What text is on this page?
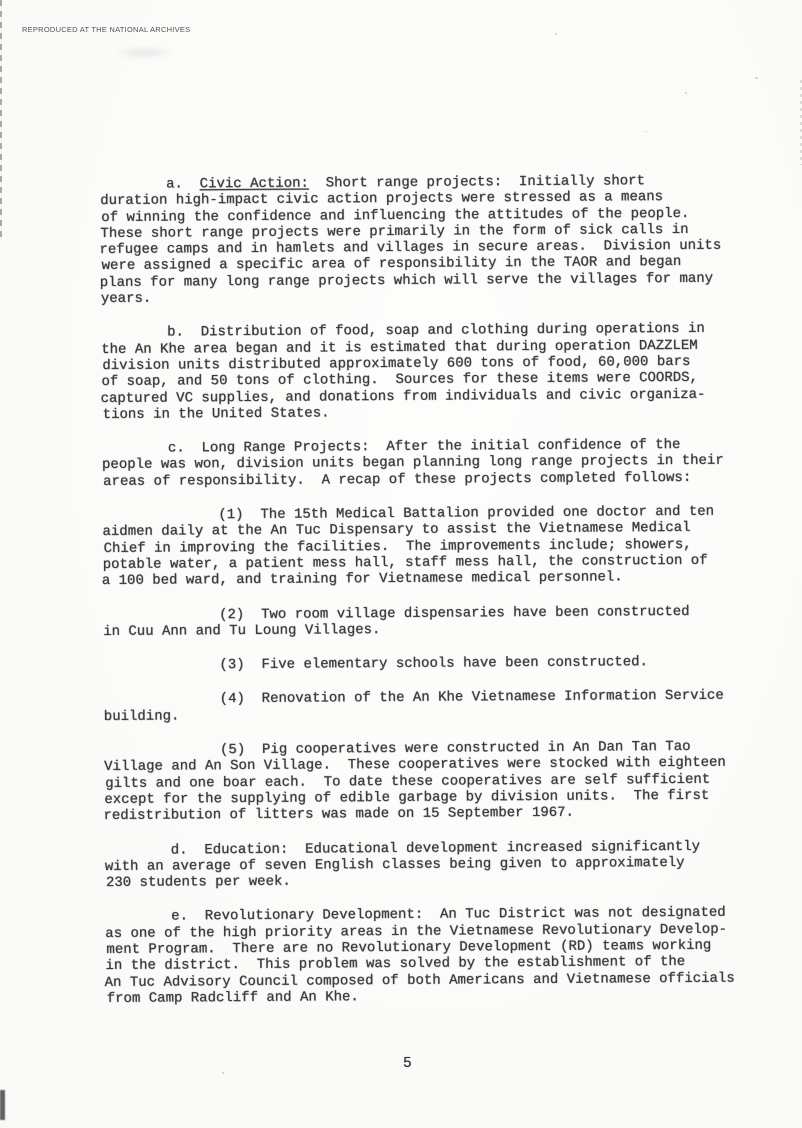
REPRODUCED AT THE NATIONAL ARCHIVES
a.  Civic Action:  Short range projects:  Initially short
duration high-impact civic action projects were stressed as a means
of winning the confidence and influencing the attitudes of the people.
These short range projects were primarily in the form of sick calls in
refugee camps and in hamlets and villages in secure areas.  Division units
were assigned a specific area of responsibility in the TAOR and began
plans for many long range projects which will serve the villages for many
years.
b.  Distribution of food, soap and clothing during operations in
the An Khe area began and it is estimated that during operation DAZZLEM
division units distributed approximately 600 tons of food, 60,000 bars
of soap, and 50 tons of clothing.  Sources for these items were COORDS,
captured VC supplies, and donations from individuals and civic organiza-
tions in the United States.
c.  Long Range Projects:  After the initial confidence of the
people was won, division units began planning long range projects in their
areas of responsibility.  A recap of these projects completed follows:
(1)  The 15th Medical Battalion provided one doctor and ten
aidmen daily at the An Tuc Dispensary to assist the Vietnamese Medical
Chief in improving the facilities.  The improvements include; showers,
potable water, a patient mess hall, staff mess hall, the construction of
a 100 bed ward, and training for Vietnamese medical personnel.
(2)  Two room village dispensaries have been constructed
in Cuu Ann and Tu Loung Villages.
(3)  Five elementary schools have been constructed.
(4)  Renovation of the An Khe Vietnamese Information Service
building.
(5)  Pig cooperatives were constructed in An Dan Tan Tao
Village and An Son Village.  These cooperatives were stocked with eighteen
gilts and one boar each.  To date these cooperatives are self sufficient
except for the supplying of edible garbage by division units.  The first
redistribution of litters was made on 15 September 1967.
d.  Education:  Educational development increased significantly
with an average of seven English classes being given to approximately
230 students per week.
e.  Revolutionary Development:  An Tuc District was not designated
as one of the high priority areas in the Vietnamese Revolutionary Develop-
ment Program.  There are no Revolutionary Development (RD) teams working
in the district.  This problem was solved by the establishment of the
An Tuc Advisory Council composed of both Americans and Vietnamese officials
from Camp Radcliff and An Khe.
5
